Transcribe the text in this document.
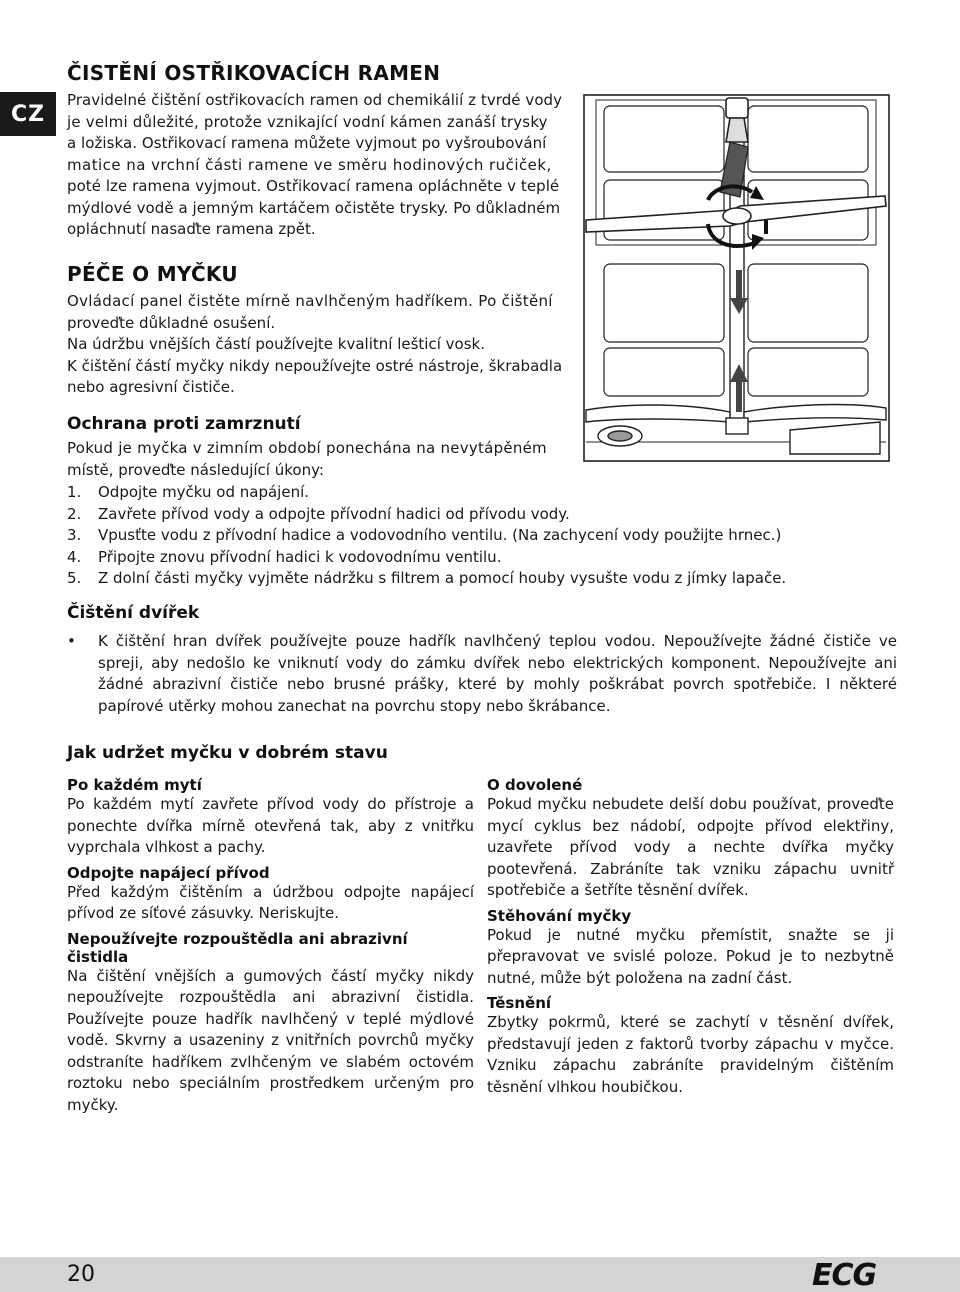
CZ
ČISTĚNÍ OSTŘIKOVACÍCH RAMEN

Pravidelné čištění ostřikovacích ramen od chemikálií z tvrdé vody

je velmi důležité, protože vznikající vodní kámen zanáší trysky

a ložiska. Ostřikovací ramena můžete vyjmout po vyšroubování

matice na vrchní části ramene ve směru hodinových ručiček,

poté lze ramena vyjmout. Ostřikovací ramena opláchněte v teplé

mýdlové vodě a jemným kartáčem očistěte trysky. Po důkladném

opláchnutí nasaďte ramena zpět.

PÉČE O MYČKU

Ovládací panel čistěte mírně navlhčeným hadříkem. Po čištění

proveďte důkladné osušení.

Na údržbu vnějších částí používejte kvalitní lešticí vosk.

K čištění částí myčky nikdy nepoužívejte ostré nástroje, škrabadla

nebo agresivní čističe.

Ochrana proti zamrznutí

Pokud je myčka v zimním období ponechána na nevytápěném

místě, proveďte následující úkony:

1.	Odpojte myčku od napájení.
2.	Zavřete přívod vody a odpojte přívodní hadici od přívodu vody.
3.	Vpusťte vodu z přívodní hadice a vodovodního ventilu. (Na zachycení vody použijte hrnec.)
4.	Připojte znovu přívodní hadici k vodovodnímu ventilu.
5.	Z dolní části myčky vyjměte nádržku s filtrem a pomocí houby vysušte vodu z jímky lapače.
Čištění dvířek
•	K čištění hran dvířek používejte pouze hadřík navlhčený teplou vodou. Nepoužívejte žádné čističe ve spreji, aby nedošlo ke vniknutí vody do zámku dvířek nebo elektrických komponent. Nepoužívejte ani žádné abrazivní čističe nebo brusné prášky, které by mohly poškrábat povrch spotřebiče. I některé papírové utěrky mohou zanechat na povrchu stopy nebo škrábance.
Jak udržet myčku v dobrém stavu
Po každém mytí

Po každém mytí zavřete přívod vody do přístroje a ponechte dvířka mírně otevřená tak, aby z vnitřku vyprchala vlhkost a pachy.

Odpojte napájecí přívod

Před každým čištěním a údržbou odpojte napájecí přívod ze síťové zásuvky. Neriskujte.

Nepoužívejte rozpouštědla ani abrazivní čistidla

Na čištění vnějších a gumových částí myčky nikdy nepoužívejte rozpouštědla ani abrazivní čistidla. Používejte pouze hadřík navlhčený v teplé mýdlové vodě. Skvrny a usazeniny z vnitřních povrchů myčky odstraníte hadříkem zvlhčeným ve slabém octovém roztoku nebo speciálním prostředkem určeným pro myčky.

O dovolené

Pokud myčku nebudete delší dobu používat, proveďte mycí cyklus bez nádobí, odpojte přívod elektřiny, uzavřete přívod vody a nechte dvířka myčky pootevřená. Zabráníte tak vzniku zápachu uvnitř spotřebiče a šetříte těsnění dvířek.

Stěhování myčky

Pokud je nutné myčku přemístit, snažte se ji přepravovat ve svislé poloze. Pokud je to nezbytně nutné, může být položena na zadní část.

Těsnění

Zbytky pokrmů, které se zachytí v těsnění dvířek, představují jeden z faktorů tvorby zápachu v myčce. Vzniku zápachu zabráníte pravidelným čištěním těsnění vlhkou houbičkou.

20	ECG
